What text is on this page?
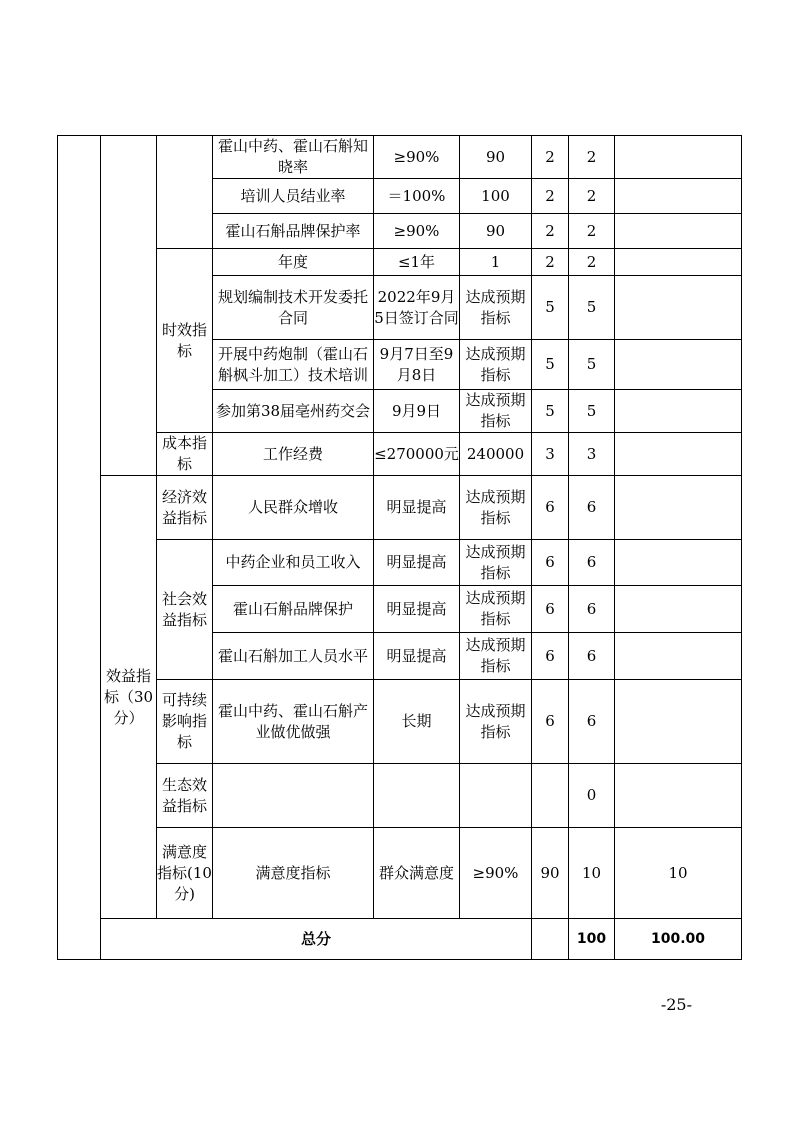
			霍山中药、霍山石斛知晓率	≥90%	90	2	2		
			培训人员结业率	＝100%	100	2	2		
			霍山石斛品牌保护率	≥90%	90	2	2		
		时效指标	年度	≤1年	1	2	2		
			规划编制技术开发委托合同	2022年9月5日签订合同	达成预期指标	5	5		
			开展中药炮制（霍山石斛枫斗加工）技术培训	9月7日至9月8日	达成预期指标	5	5		
			参加第38届亳州药交会	9月9日	达成预期指标	5	5		
		成本指标	工作经费	≤270000元	240000	3	3		
	效益指标（30分）	经济效益指标	人民群众增收	明显提高	达成预期指标	6	6		
		社会效益指标	中药企业和员工收入	明显提高	达成预期指标	6	6		
			霍山石斛品牌保护	明显提高	达成预期指标	6	6		
			霍山石斛加工人员水平	明显提高	达成预期指标	6	6		
		可持续影响指标	霍山中药、霍山石斛产业做优做强	长期	达成预期指标	6	6		
		生态效益指标					0		
		满意度指标(10分)	满意度指标	群众满意度	≥90%	90	10	10	
	总分						100	100.00	
-25-
